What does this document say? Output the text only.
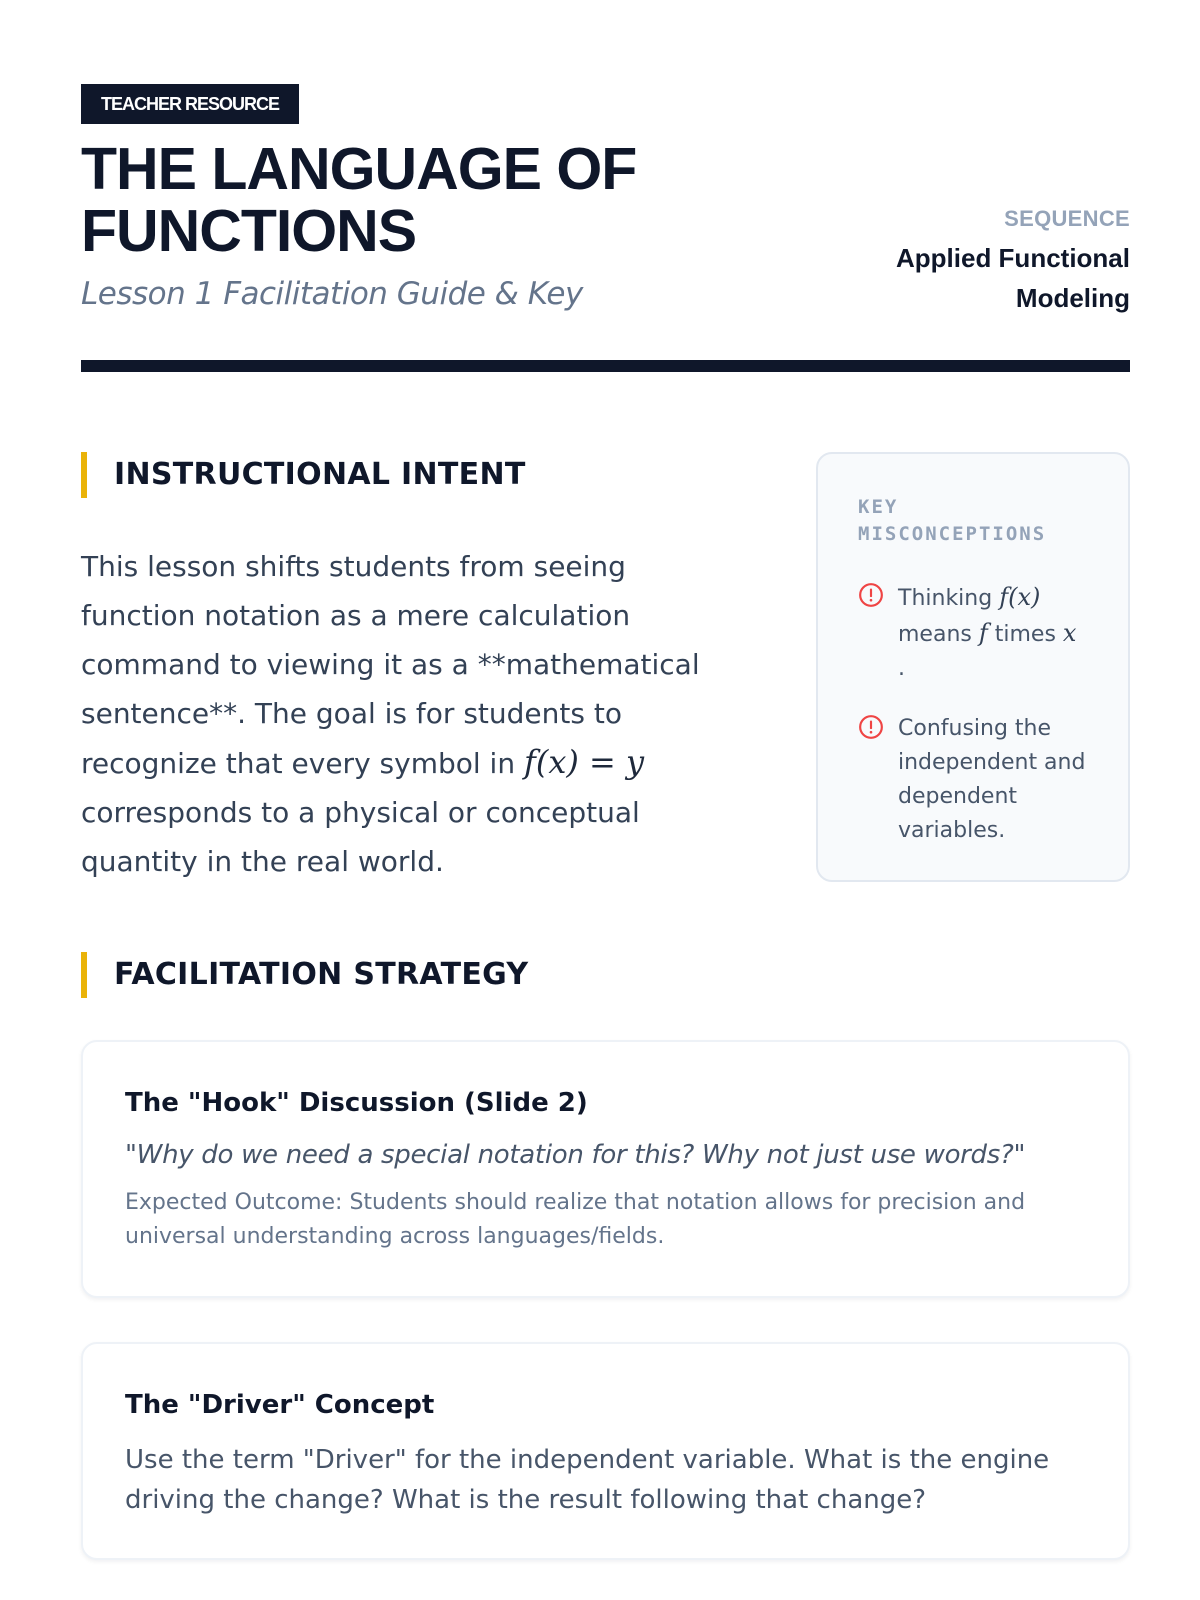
TEACHER RESOURCE
THE LANGUAGE OF FUNCTIONS
Lesson 1 Facilitation Guide & Key
SEQUENCE
Applied Functional Modeling
INSTRUCTIONAL INTENT

This lesson shifts students from seeing function notation as a mere calculation command to viewing it as a **mathematical sentence**. The goal is for students to recognize that every symbol in f(x) = y corresponds to a physical or conceptual quantity in the real world.

KEY MISCONCEPTIONS
Thinking f(x) means f times x
.
Confusing the independent and dependent variables.
FACILITATION STRATEGY
The "Hook" Discussion (Slide 2)
"Why do we need a special notation for this? Why not just use words?"
Expected Outcome: Students should realize that notation allows for precision and universal understanding across languages/fields.
The "Driver" Concept
Use the term "Driver" for the independent variable. What is the engine driving the change? What is the result following that change?
